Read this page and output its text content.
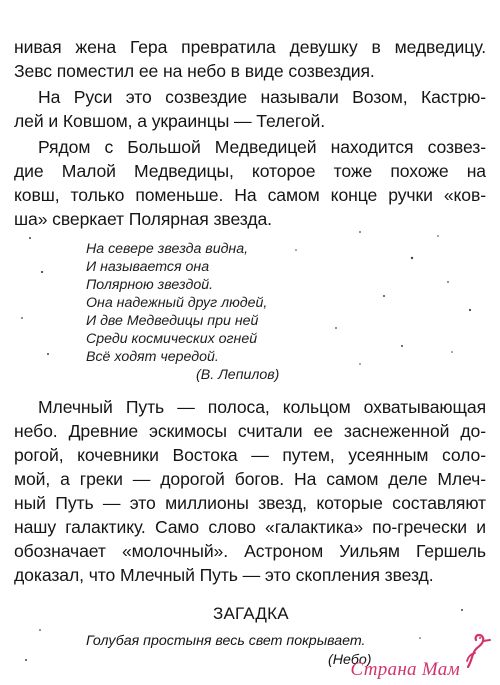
нивая жена Гера превратила девушку в медведицу.
Зевс поместил ее на небо в виде созвездия.
На Руси это созвездие называли Возом, Кастрю-
лей и Ковшом, а украинцы — Телегой.
Рядом с Большой Медведицей находится созвез-
дие Малой Медведицы, которое тоже похоже на
ковш, только поменьше. На самом конце ручки «ков-
ша» сверкает Полярная звезда.
На севере звезда видна,
И называется она
Полярною звездой.
Она надежный друг людей,
И две Медведицы при ней
Среди космических огней
Всё ходят чередой.
(В. Лепилов)
Млечный Путь — полоса, кольцом охватывающая
небо. Древние эскимосы считали ее заснеженной до-
рогой, кочевники Востока — путем, усеянным соло-
мой, а греки — дорогой богов. На самом деле Млеч-
ный Путь — это миллионы звезд, которые составляют
нашу галактику. Само слово «галактика» по-гречески и
обозначает «молочный». Астроном Уильям Гершель
доказал, что Млечный Путь — это скопления звезд.
ЗАГАДКА
Голубая простыня весь свет покрывает.
(Небо)
Страна Мам
